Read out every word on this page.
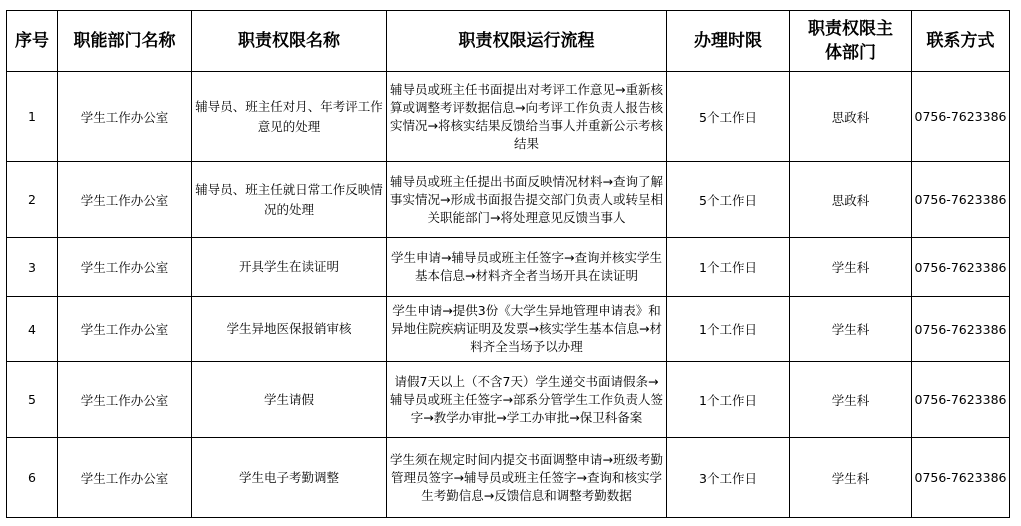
序号	职能部门名称	职责权限名称	职责权限运行流程	办理时限	职责权限主体部门	联系方式
1	学生工作办公室	辅导员、班主任对月、年考评工作意见的处理	辅导员或班主任书面提出对考评工作意见→重新核算或调整考评数据信息→向考评工作负责人报告核实情况→将核实结果反馈给当事人并重新公示考核结果	5个工作日	思政科	0756-7623386
2	学生工作办公室	辅导员、班主任就日常工作反映情况的处理	辅导员或班主任提出书面反映情况材料→查询了解事实情况→形成书面报告提交部门负责人或转呈相关职能部门→将处理意见反馈当事人	5个工作日	思政科	0756-7623386
3	学生工作办公室	开具学生在读证明	学生申请→辅导员或班主任签字→查询并核实学生基本信息→材料齐全者当场开具在读证明	1个工作日	学生科	0756-7623386
4	学生工作办公室	学生异地医保报销审核	学生申请→提供3份《大学生异地管理申请表》和异地住院疾病证明及发票→核实学生基本信息→材料齐全当场予以办理	1个工作日	学生科	0756-7623386
5	学生工作办公室	学生请假	请假7天以上（不含7天）学生递交书面请假条→辅导员或班主任签字→部系分管学生工作负责人签字→教学办审批→学工办审批→保卫科备案	1个工作日	学生科	0756-7623386
6	学生工作办公室	学生电子考勤调整	学生须在规定时间内提交书面调整申请→班级考勤管理员签字→辅导员或班主任签字→查询和核实学生考勤信息→反馈信息和调整考勤数据	3个工作日	学生科	0756-7623386
